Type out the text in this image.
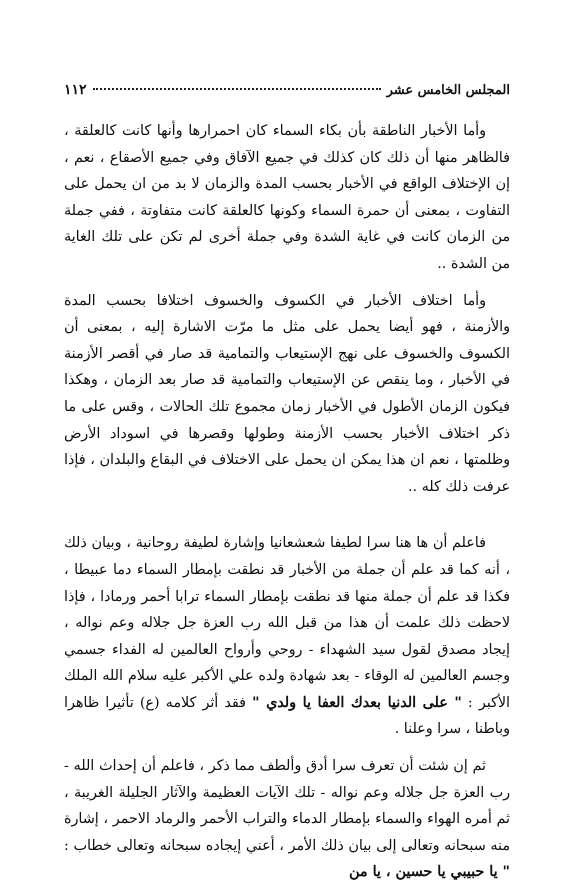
١١٢	المجلس الخامس عشر

وأما الأخبار الناطقة بأن بكاء السماء كان احمرارها وأنها كانت كالعلقة ، فالظاهر منها أن ذلك كان كذلك في جميع الآفاق وفي جميع الأصقاع ، نعم ، إن الإختلاف الواقع في الأخبار بحسب المدة والزمان لا بد من ان يحمل على التفاوت ، بمعنى أن حمرة السماء وكونها كالعلقة كانت متفاوتة ، ففي جملة من الزمان كانت في غاية الشدة وفي جملة أخرى لم تكن على تلك الغاية من الشدة ..

وأما اختلاف الأخبار في الكسوف والخسوف اختلافا بحسب المدة والأزمنة ، فهو أيضا يحمل على مثل ما مرّت الاشارة إليه ، بمعنى أن الكسوف والخسوف على نهج الإستيعاب والتمامية قد صار في أقصر الأزمنة في الأخبار ، وما ينقص عن الإستيعاب والتمامية قد صار بعد الزمان ، وهكذا فيكون الزمان الأطول في الأخبار زمان مجموع تلك الحالات ، وقس على ما ذكر اختلاف الأخبار بحسب الأزمنة وطولها وقصرها في اسوداد الأرض وظلمتها ، نعم ان هذا يمكن ان يحمل على الاختلاف في البقاع والبلدان ، فإذا عرفت ذلك كله ..

فاعلم أن ها هنا سرا لطيفا شعشعانيا وإشارة لطيفة روحانية ، وبيان ذلك ، أنه كما قد علم أن جملة من الأخبار قد نطقت بإمطار السماء دما عبيطا ، فكذا قد علم أن جملة منها قد نطقت بإمطار السماء ترابا أحمر ورمادا ، فإذا لاحظت ذلك علمت أن هذا من قبل الله رب العزة جل جلاله وعم نواله ، إيجاد مصدق لقول سيد الشهداء - روحي وأرواح العالمين له الفداء جسمي وجسم العالمين له الوقاء - بعد شهادة ولده علي الأكبر عليه سلام الله الملك الأكبر : " على الدنيا بعدك العفا يا ولدي " فقد أثر كلامه (ع) تأثيرا ظاهرا وباطنا ، سرا وعلنا .

ثم إن شئت أن تعرف سرا أدق وألطف مما ذكر ، فاعلم أن إحداث الله - رب العزة جل جلاله وعم نواله - تلك الآيات العظيمة والآثار الجليلة الغريبة ، ثم أمره الهواء والسماء بإمطار الدماء والتراب الأحمر والرماد الاحمر ، إشارة منه سبحانه وتعالى إلى بيان ذلك الأمر ، أعني إيجاده سبحانه وتعالى خطاب : " يا حبيبي يا حسين ، يا من
